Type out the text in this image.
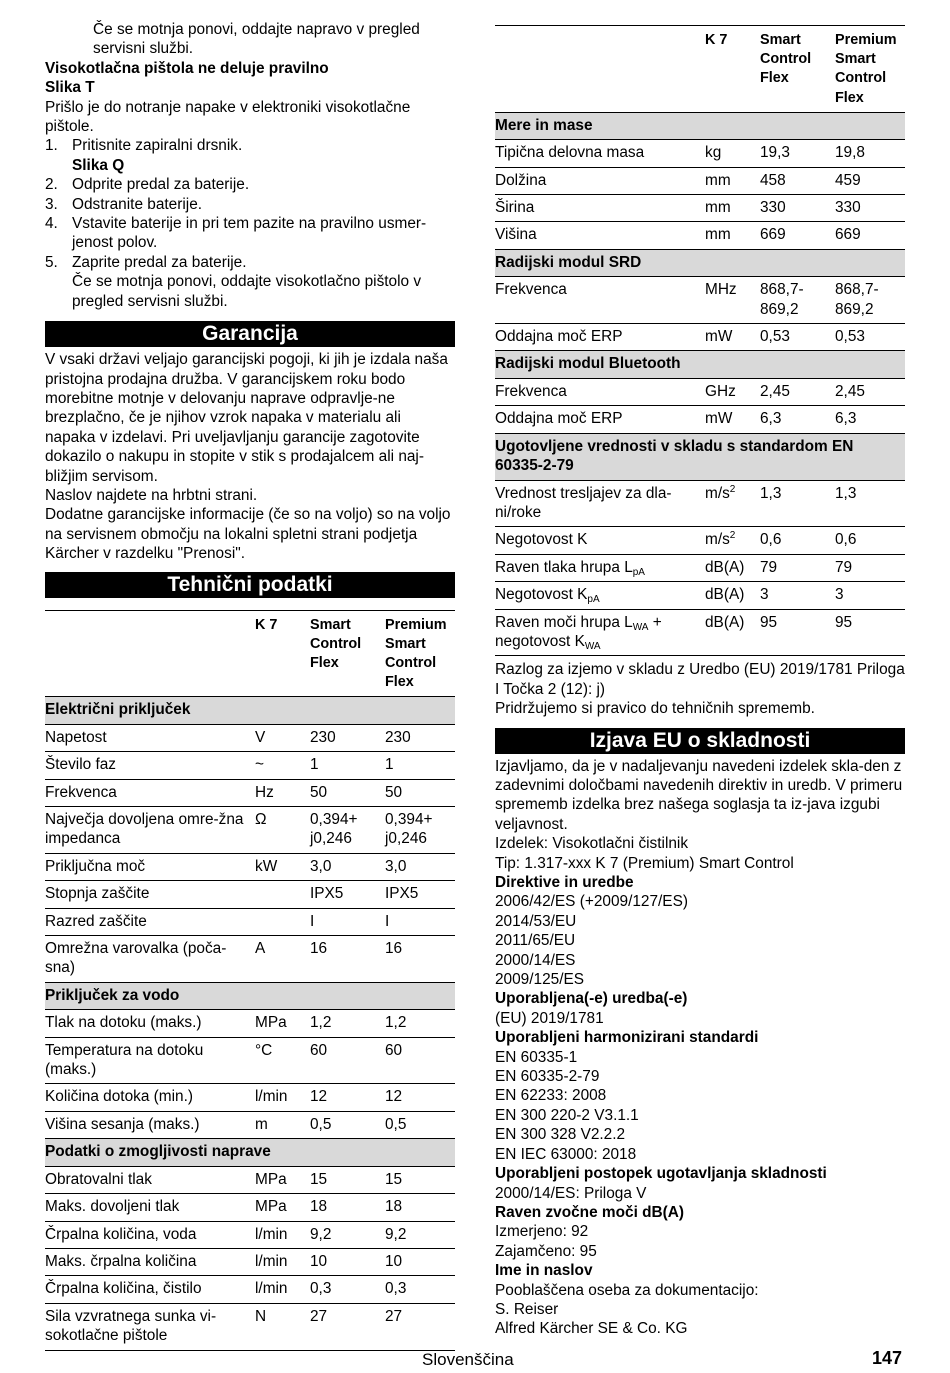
Če se motnja ponovi, oddajte napravo v pregled servisni službi.

Visokotlačna pištola ne deluje pravilno

Slika T

Prišlo je do notranje napake v elektroniki visokotlačne pištole.

1. Pritisnite zapiralni drsnik.
Slika Q
2. Odprite predal za baterije.
3. Odstranite baterije.
4. Vstavite baterije in pri tem pazite na pravilno usmer-jenost polov.
5. Zaprite predal za baterije.
Če se motnja ponovi, oddajte visokotlačno pištolo v pregled servisni službi.
Garancija

V vsaki državi veljajo garancijski pogoji, ki jih je izdala naša pristojna prodajna družba. V garancijskem roku bodo morebitne motnje v delovanju naprave odpravlje-ne brezplačno, če je njihov vzrok napaka v materialu ali napaka v izdelavi. Pri uveljavljanju garancije zagotovite dokazilo o nakupu in stopite v stik s prodajalcem ali naj-bližjim servisom.

Naslov najdete na hrbtni strani.

Dodatne garancijske informacije (če so na voljo) so na voljo na servisnem območju na lokalni spletni strani podjetja Kärcher v razdelku "Prenosi".

Tehnični podatki
	K 7	Smart Control Flex	Premium Smart Control Flex
Električni priključek			
Napetost	V	230	230
Število faz	~	1	1
Frekvenca	Hz	50	50
Največja dovoljena omre-žna impedanca	Ω	0,394+ j0,246	0,394+ j0,246
Priključna moč	kW	3,0	3,0
Stopnja zaščite		IPX5	IPX5
Razred zaščite		I	I
Omrežna varovalka (poča-sna)	A	16	16
Priključek za vodo			
Tlak na dotoku (maks.)	MPa	1,2	1,2
Temperatura na dotoku (maks.)	°C	60	60
Količina dotoka (min.)	l/min	12	12
Višina sesanja (maks.)	m	0,5	0,5
Podatki o zmogljivosti naprave			
Obratovalni tlak	MPa	15	15
Maks. dovoljeni tlak	MPa	18	18
Črpalna količina, voda	l/min	9,2	9,2
Maks. črpalna količina	l/min	10	10
Črpalna količina, čistilo	l/min	0,3	0,3
Sila vzvratnega sunka vi-sokotlačne pištole	N	27	27
	K 7	Smart Control Flex	Premium Smart Control Flex
Mere in mase			
Tipična delovna masa	kg	19,3	19,8
Dolžina	mm	458	459
Širina	mm	330	330
Višina	mm	669	669
Radijski modul SRD			
Frekvenca	MHz	868,7-869,2	868,7-869,2
Oddajna moč ERP	mW	0,53	0,53
Radijski modul Bluetooth			
Frekvenca	GHz	2,45	2,45
Oddajna moč ERP	mW	6,3	6,3
Ugotovljene vrednosti v skladu s standardom EN 60335-2-79			
Vrednost tresljajev za dla-ni/roke	$m/s^2$	1,3	1,3
Negotovost K	$m/s^2$	0,6	0,6
Raven tlaka hrupa $L_{pA}$	dB(A)	79	79
Negotovost $K_{pA}$	dB(A)	3	3
Raven moči hrupa $L_{WA}$ +
negotovost $K_{WA}$	dB(A)	95	95

Razlog za izjemo v skladu z Uredbo (EU) 2019/1781 Priloga I Točka 2 (12): j)

Pridržujemo si pravico do tehničnih sprememb.

Izjava EU o skladnosti

Izjavljamo, da je v nadaljevanju navedeni izdelek skla-den z zadevnimi določbami navedenih direktiv in uredb. V primeru sprememb izdelka brez našega soglasja ta iz-java izgubi veljavnost.

Izdelek: Visokotlačni čistilnik

Tip: 1.317-xxx K 7 (Premium) Smart Control

Direktive in uredbe

2006/42/ES (+2009/127/ES)

2014/53/EU

2011/65/EU

2000/14/ES

2009/125/ES

Uporabljena(-e) uredba(-e)

(EU) 2019/1781

Uporabljeni harmonizirani standardi

EN 60335-1

EN 60335-2-79

EN 62233: 2008

EN 300 220-2 V3.1.1

EN 300 328 V2.2.2

EN IEC 63000: 2018

Uporabljeni postopek ugotavljanja skladnosti

2000/14/ES: Priloga V

Raven zvočne moči dB(A)

Izmerjeno: 92

Zajamčeno: 95

Ime in naslov

Pooblaščena oseba za dokumentacijo:

S. Reiser

Alfred Kärcher SE & Co. KG

Slovenščina	147
